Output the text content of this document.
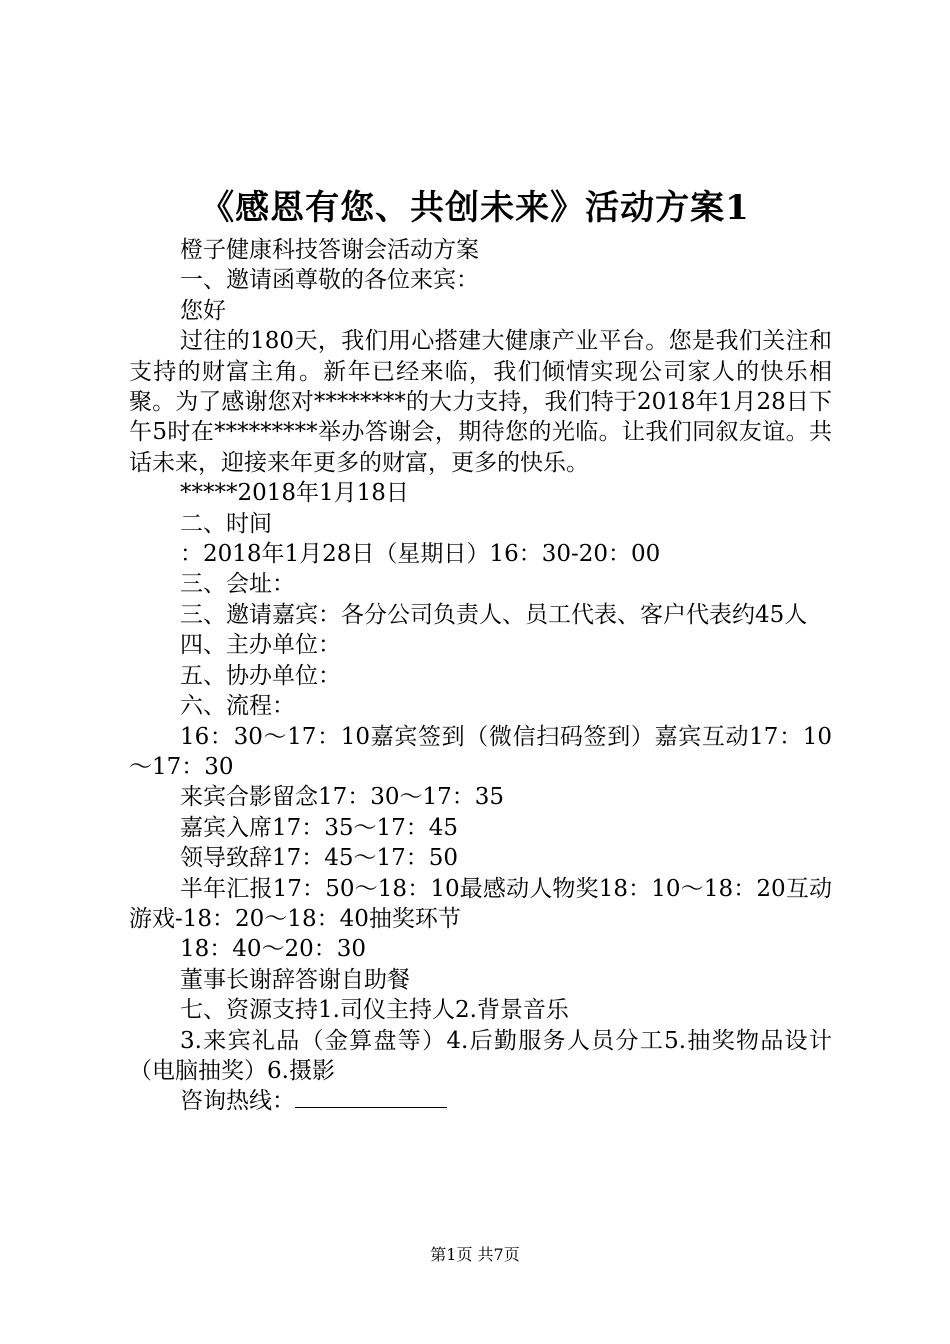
《感恩有您、共创未来》活动方案1

橙子健康科技答谢会活动方案

一、邀请函尊敬的各位来宾：

您好

过往的180天，我们用心搭建大健康产业平台。您是我们关注和支持的财富主角。新年已经来临，我们倾情实现公司家人的快乐相聚。为了感谢您对********的大力支持，我们特于2018年1月28日下午5时在*********举办答谢会，期待您的光临。让我们同叙友谊。共话未来，迎接来年更多的财富，更多的快乐。

*****2018年1月18日

二、时间

：2018年1月28日（星期日）16：30-20：00

三、会址：

三、邀请嘉宾：各分公司负责人、员工代表、客户代表约45人

四、主办单位：

五、协办单位：

六、流程：

16：30～17：10嘉宾签到（微信扫码签到）嘉宾互动17：10～17：30

来宾合影留念17：30～17：35

嘉宾入席17：35～17：45

领导致辞17：45～17：50

半年汇报17：50～18：10最感动人物奖18：10～18：20互动游戏-18：20～18：40抽奖环节

18：40～20：30

董事长谢辞答谢自助餐

七、资源支持1.司仪主持人2.背景音乐

3.来宾礼品（金算盘等）4.后勤服务人员分工5.抽奖物品设计（电脑抽奖）6.摄影

咨询热线：

第1页 共7页
